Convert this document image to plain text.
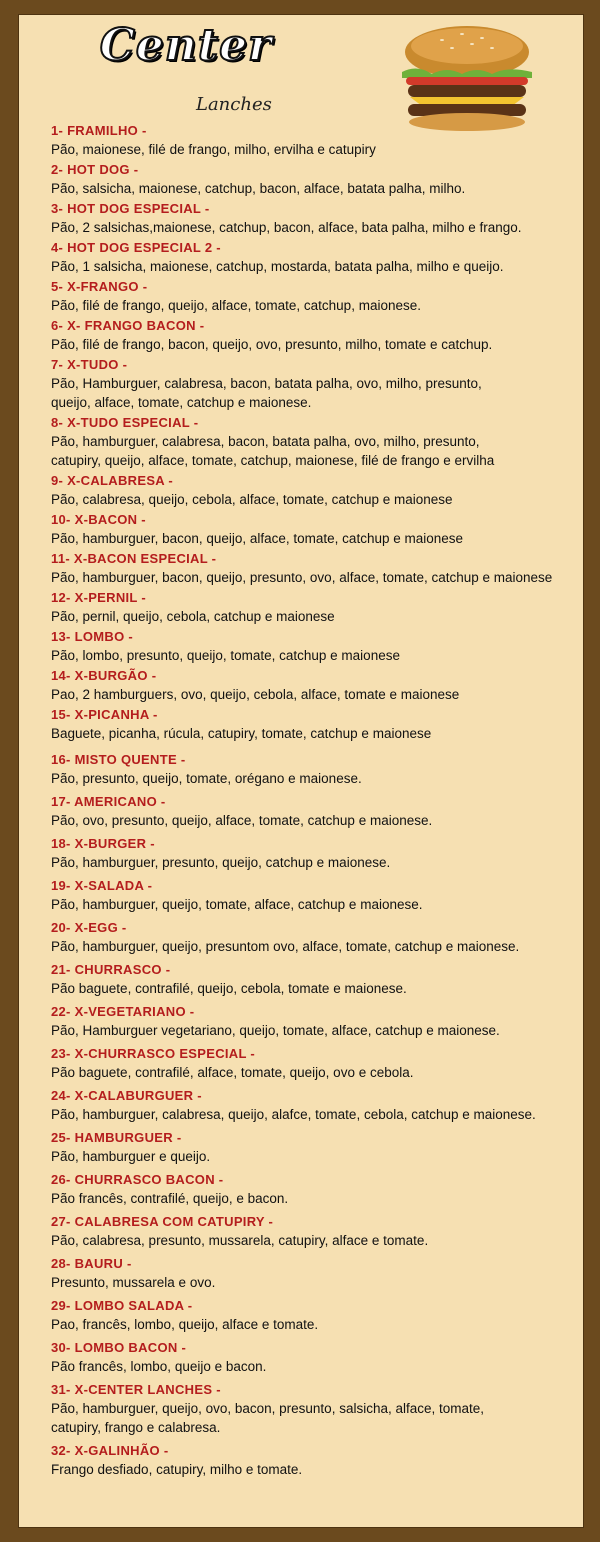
Center
Lanches
1- FRAMILHO -
Pão, maionese, filé de frango, milho, ervilha e catupiry
2- HOT DOG -
Pão, salsicha, maionese, catchup, bacon, alface, batata palha, milho.
3- HOT DOG ESPECIAL -
Pão, 2 salsichas,maionese, catchup, bacon, alface, bata palha, milho e frango.
4- HOT DOG ESPECIAL 2 -
Pão, 1 salsicha, maionese, catchup, mostarda, batata palha, milho e queijo.
5- X-FRANGO -
Pão, filé de frango, queijo, alface, tomate, catchup, maionese.
6- X- FRANGO BACON -
Pão, filé de frango, bacon, queijo, ovo, presunto, milho, tomate e catchup.
7- X-TUDO -
Pão, Hamburguer, calabresa, bacon, batata palha, ovo, milho, presunto,
queijo, alface, tomate, catchup e maionese.
8- X-TUDO ESPECIAL -
Pão, hamburguer, calabresa, bacon, batata palha, ovo, milho, presunto,
catupiry, queijo, alface, tomate, catchup, maionese, filé de frango e ervilha
9- X-CALABRESA -
Pão, calabresa, queijo, cebola, alface, tomate, catchup e maionese
10- X-BACON -
Pão, hamburguer, bacon, queijo, alface, tomate, catchup e maionese
11- X-BACON ESPECIAL -
Pão, hamburguer, bacon, queijo, presunto, ovo, alface, tomate, catchup e maionese
12- X-PERNIL -
Pão, pernil, queijo, cebola, catchup e maionese
13- LOMBO -
Pão, lombo, presunto, queijo, tomate, catchup e maionese
14- X-BURGÃO -
Pao, 2 hamburguers, ovo, queijo, cebola, alface, tomate e maionese
15- X-PICANHA -
Baguete, picanha, rúcula, catupiry, tomate, catchup e maionese
16- MISTO QUENTE -
Pão, presunto, queijo, tomate, orégano e maionese.
17- AMERICANO -
Pão, ovo, presunto, queijo, alface, tomate, catchup e maionese.
18- X-BURGER -
Pão, hamburguer, presunto, queijo, catchup e maionese.
19- X-SALADA -
Pão, hamburguer, queijo, tomate, alface, catchup e maionese.
20- X-EGG -
Pão, hamburguer, queijo, presuntom ovo, alface, tomate, catchup e maionese.
21- CHURRASCO -
Pão baguete, contrafilé, queijo, cebola, tomate e maionese.
22- X-VEGETARIANO -
Pão, Hamburguer vegetariano, queijo, tomate, alface, catchup e maionese.
23- X-CHURRASCO ESPECIAL -
Pão baguete, contrafilé, alface, tomate, queijo, ovo e cebola.
24- X-CALABURGUER -
Pão, hamburguer, calabresa, queijo, alafce, tomate, cebola, catchup e maionese.
25- HAMBURGUER -
Pão, hamburguer e queijo.
26- CHURRASCO BACON -
Pão francês, contrafilé, queijo, e bacon.
27- CALABRESA COM CATUPIRY -
Pão, calabresa, presunto, mussarela, catupiry, alface e tomate.
28- BAURU -
Presunto, mussarela e ovo.
29- LOMBO SALADA -
Pao, francês, lombo, queijo, alface e tomate.
30- LOMBO BACON -
Pão francês, lombo, queijo e bacon.
31- X-CENTER LANCHES -
Pão, hamburguer, queijo, ovo, bacon, presunto, salsicha, alface, tomate,
catupiry, frango e calabresa.
32- X-GALINHÃO -
Frango desfiado, catupiry, milho e tomate.
